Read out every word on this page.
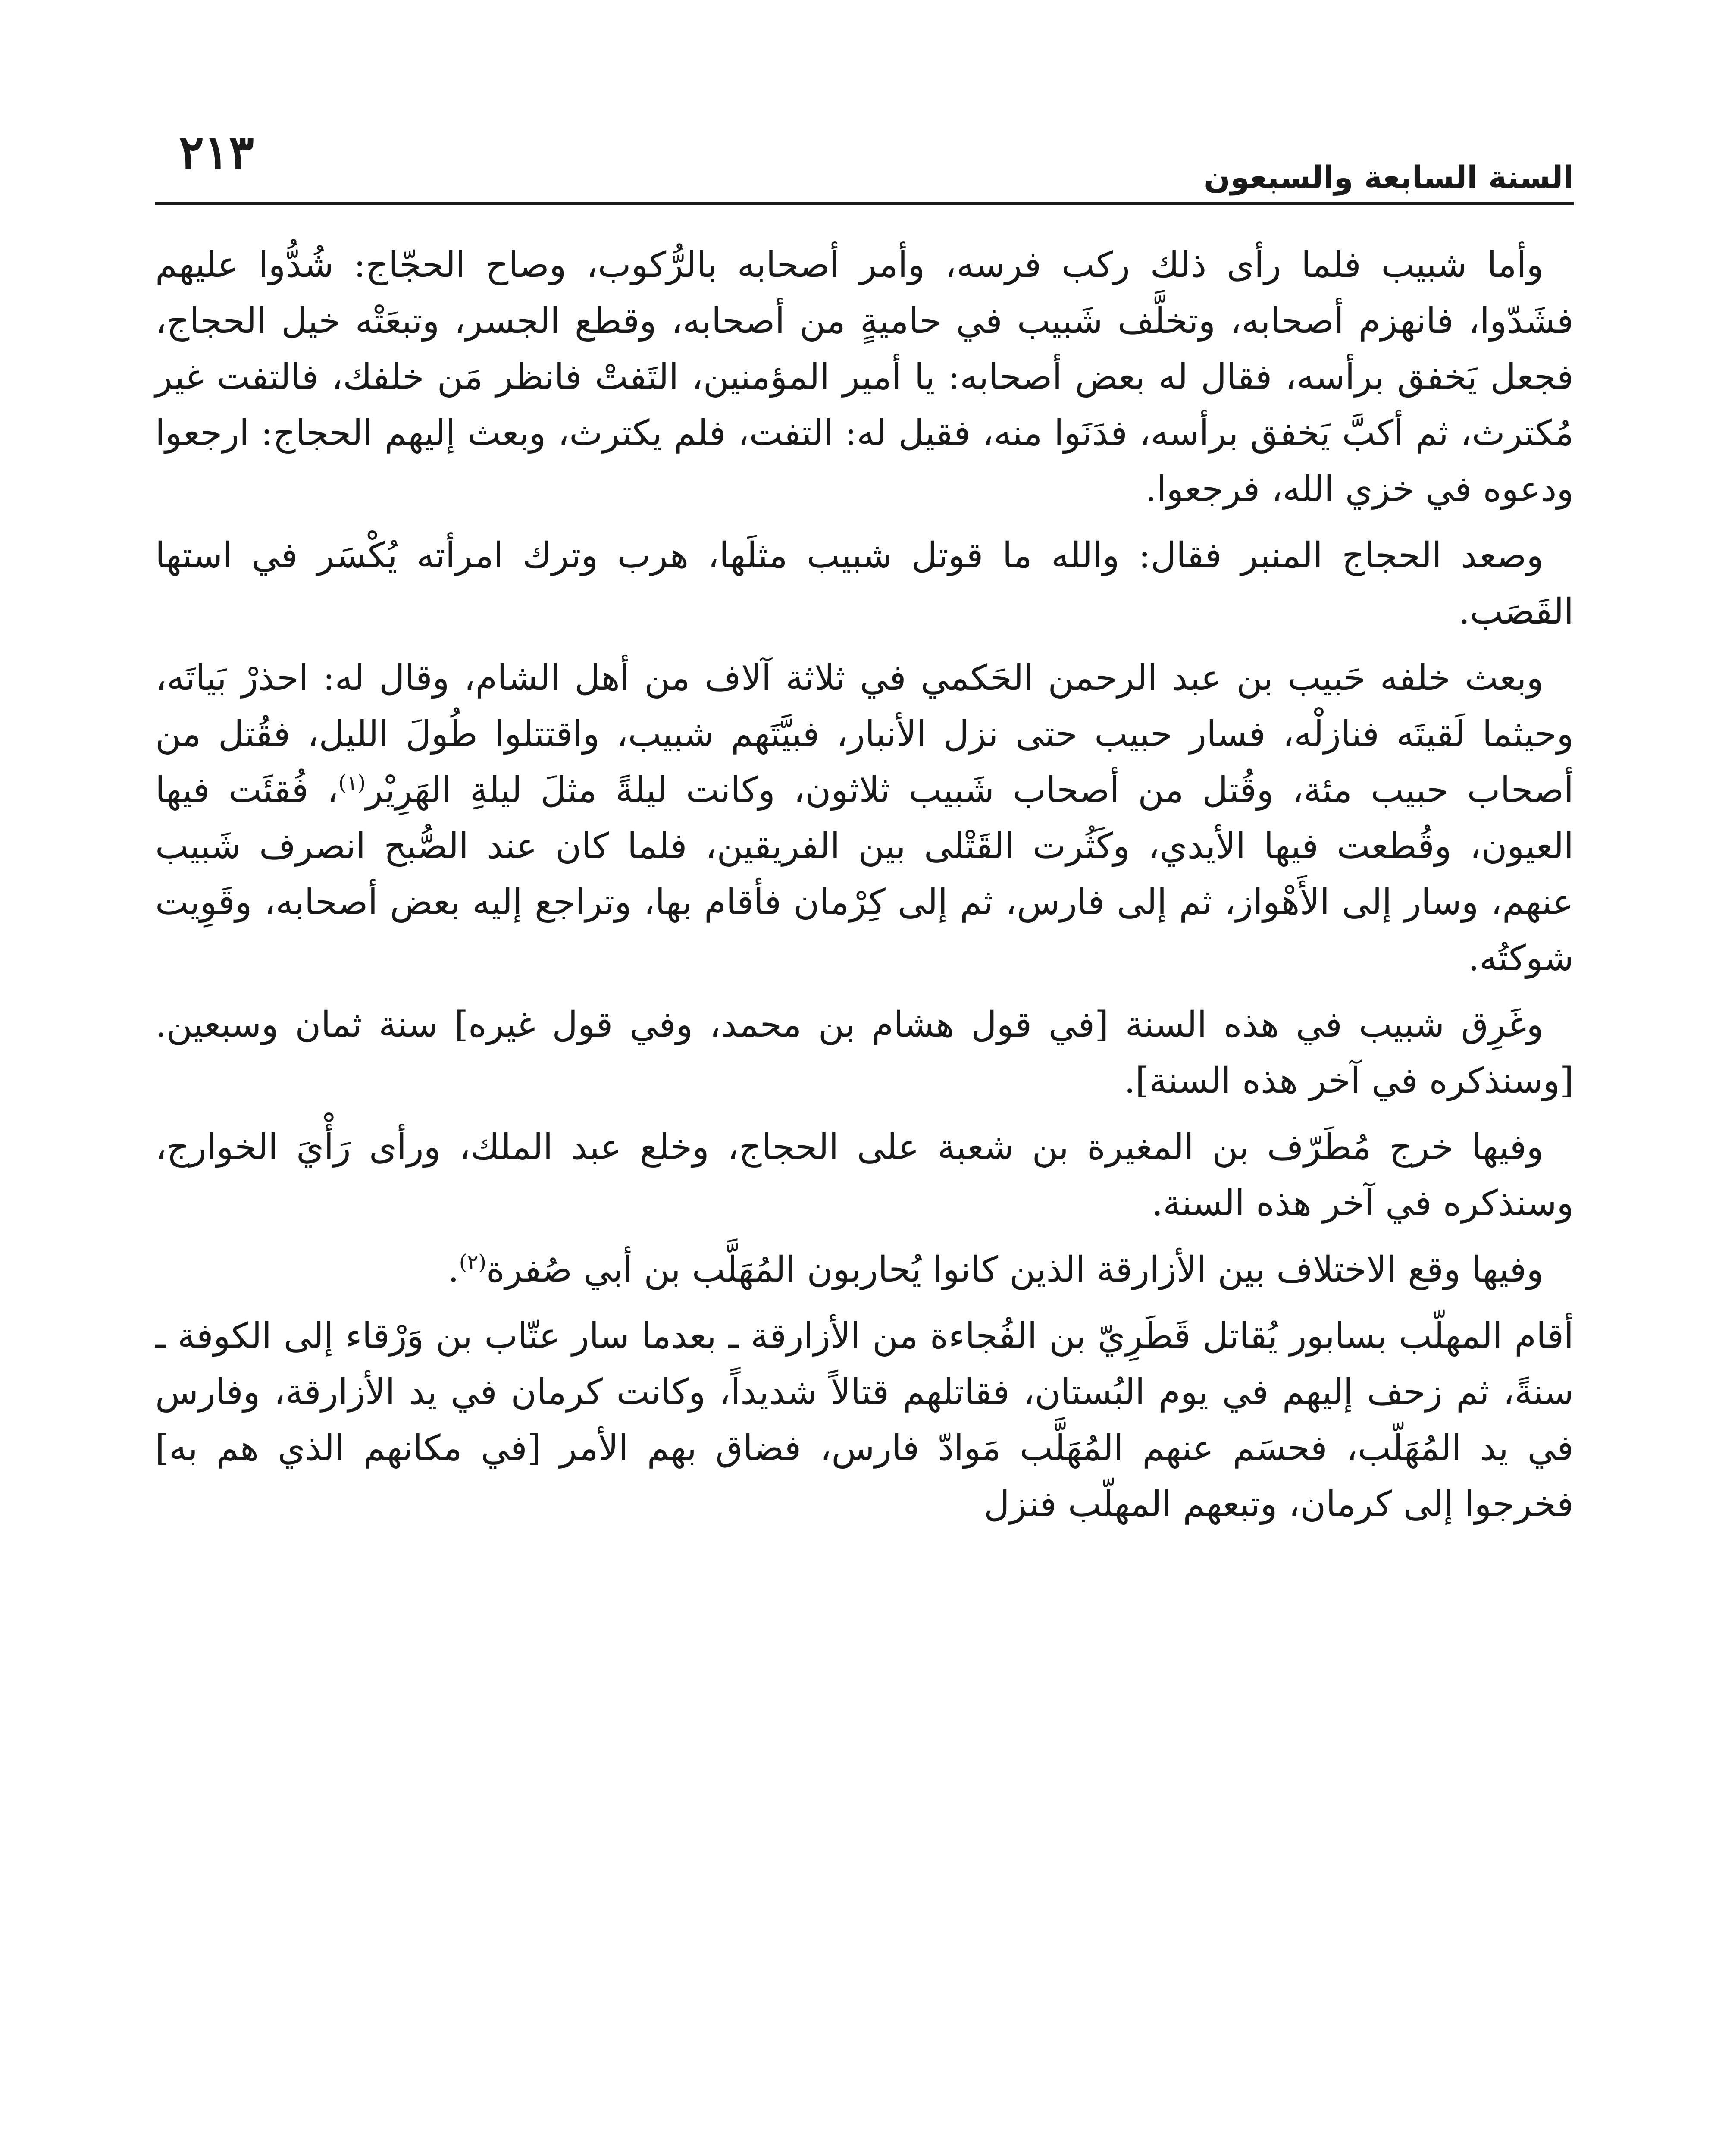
السنة السابعة والسبعون
٢١٣

وأما شبيب فلما رأى ذلك ركب فرسه، وأمر أصحابه بالرُّكوب، وصاح الحجّاج: شُدُّوا عليهم فشَدّوا، فانهزم أصحابه، وتخلَّف شَبيب في حاميةٍ من أصحابه، وقطع الجسر، وتبعَتْه خيل الحجاج، فجعل يَخفق برأسه، فقال له بعض أصحابه: يا أمير المؤمنين، التَفتْ فانظر مَن خلفك، فالتفت غير مُكترث، ثم أكبَّ يَخفق برأسه، فدَنَوا منه، فقيل له: التفت، فلم يكترث، وبعث إليهم الحجاج: ارجعوا ودعوه في خزي الله، فرجعوا.

وصعد الحجاج المنبر فقال: والله ما قوتل شبيب مثلَها، هرب وترك امرأته يُكْسَر في استها القَصَب.

وبعث خلفه حَبيب بن عبد الرحمن الحَكمي في ثلاثة آلاف من أهل الشام، وقال له: احذرْ بَياتَه، وحيثما لَقيتَه فنازلْه، فسار حبيب حتى نزل الأنبار، فبيَّتَهم شبيب، واقتتلوا طُولَ الليل، فقُتل من أصحاب حبيب مئة، وقُتل من أصحاب شَبيب ثلاثون، وكانت ليلةً مثلَ ليلةِ الهَرِيْر$^{(١)}$، فُقئَت فيها العيون، وقُطعت فيها الأيدي، وكَثُرت القَتْلى بين الفريقين، فلما كان عند الصُّبح انصرف شَبيب عنهم، وسار إلى الأَهْواز، ثم إلى فارس، ثم إلى كِرْمان فأقام بها، وتراجع إليه بعض أصحابه، وقَوِيت شوكتُه.

وغَرِق شبيب في هذه السنة [في قول هشام بن محمد، وفي قول غيره] سنة ثمان وسبعين. [وسنذكره في آخر هذه السنة].

وفيها خرج مُطَرّف بن المغيرة بن شعبة على الحجاج، وخلع عبد الملك، ورأى رَأْيَ الخوارج، وسنذكره في آخر هذه السنة.

وفيها وقع الاختلاف بين الأزارقة الذين كانوا يُحاربون المُهَلَّب بن أبي صُفرة$^{(٢)}$.

أقام المهلّب بسابور يُقاتل قَطَرِيّ بن الفُجاءة من الأزارقة ـ بعدما سار عتّاب بن وَرْقاء إلى الكوفة ـ سنةً، ثم زحف إليهم في يوم البُستان، فقاتلهم قتالاً شديداً، وكانت كرمان في يد الأزارقة، وفارس في يد المُهَلّب، فحسَم عنهم المُهَلَّب مَوادّ فارس، فضاق بهم الأمر [في مكانهم الذي هم به] فخرجوا إلى كرمان، وتبعهم المهلّب فنزل
